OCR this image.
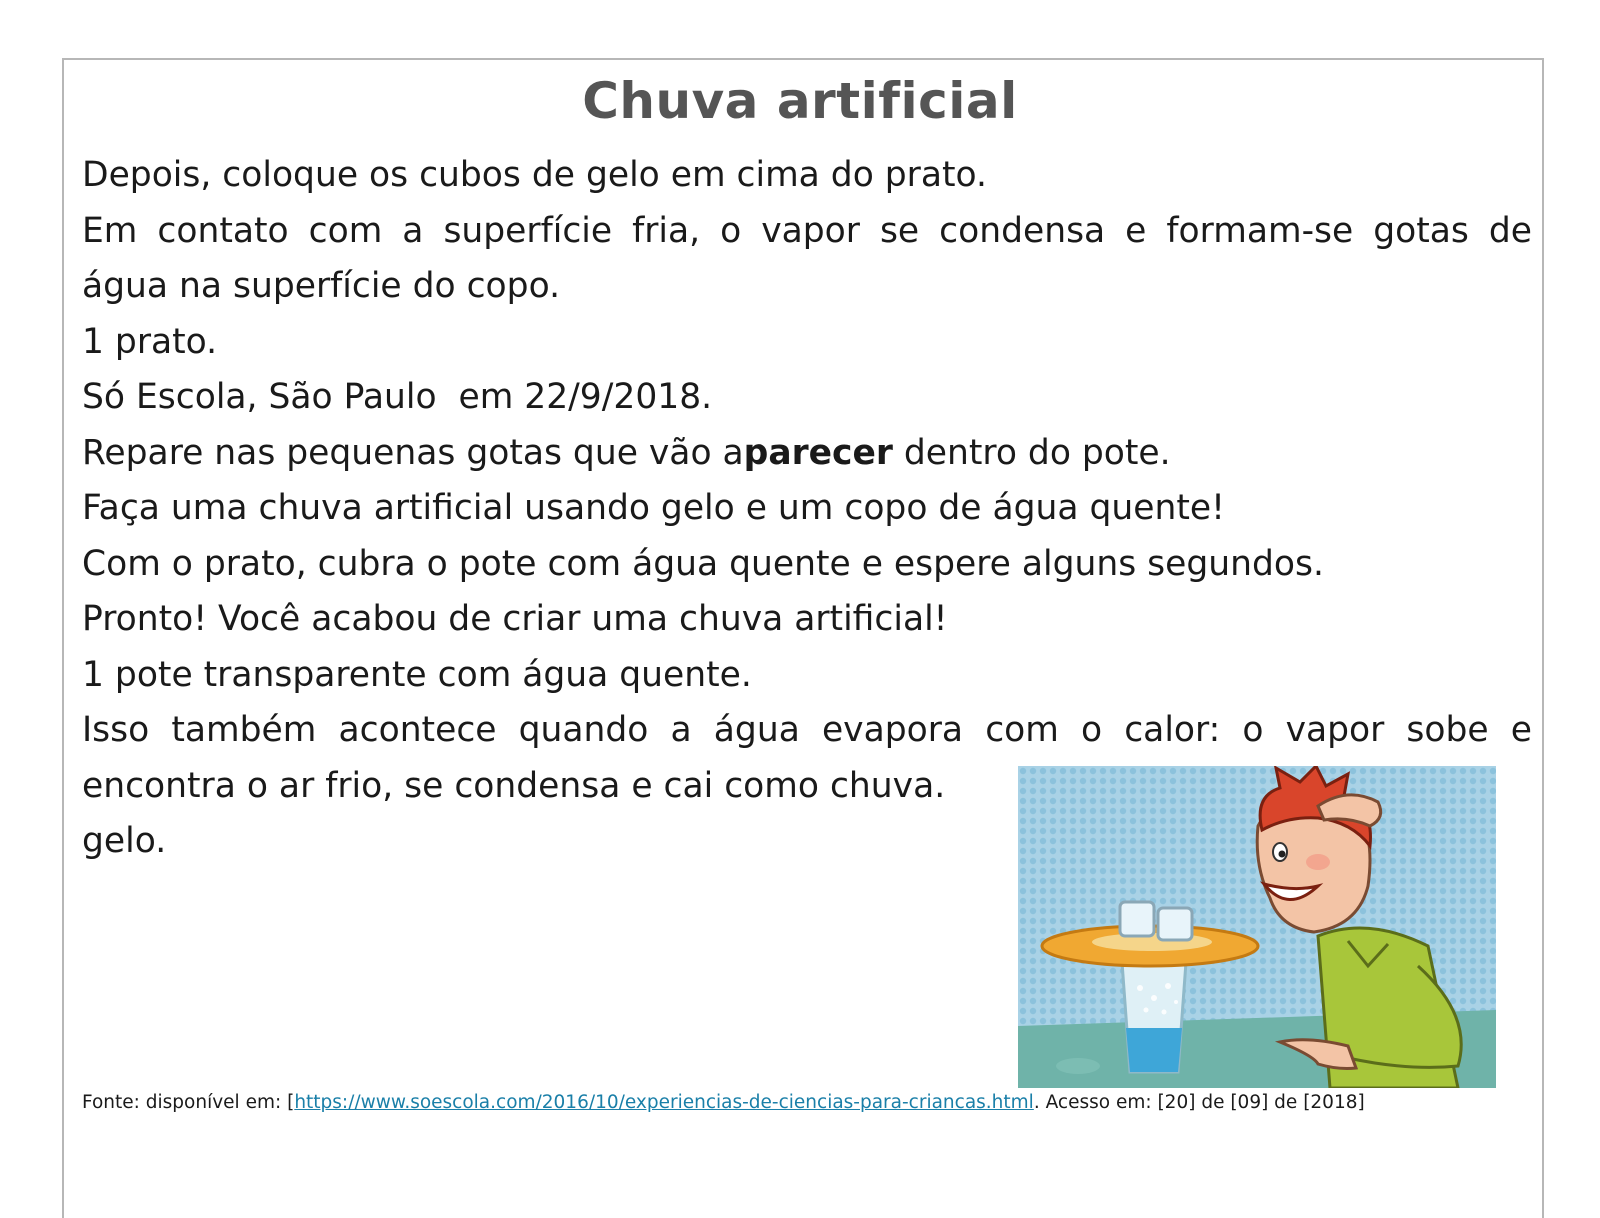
Chuva artificial
Depois, coloque os cubos de gelo em cima do prato.
Em contato com a superfície fria, o vapor se condensa e formam-se gotas de
água na superfície do copo.
1 prato.
Só Escola, São Paulo  em 22/9/2018.
Repare nas pequenas gotas que vão aparecer dentro do pote.
Faça uma chuva artificial usando gelo e um copo de água quente!
Com o prato, cubra o pote com água quente e espere alguns segundos.
Pronto! Você acabou de criar uma chuva artificial!
1 pote transparente com água quente.
Isso também acontece quando a água evapora com o calor: o vapor sobe e
encontra o ar frio, se condensa e cai como chuva.
gelo.
Fonte: disponível em: [https://www.soescola.com/2016/10/experiencias-de-ciencias-para-criancas.html. Acesso em: [20] de [09] de [2018]
